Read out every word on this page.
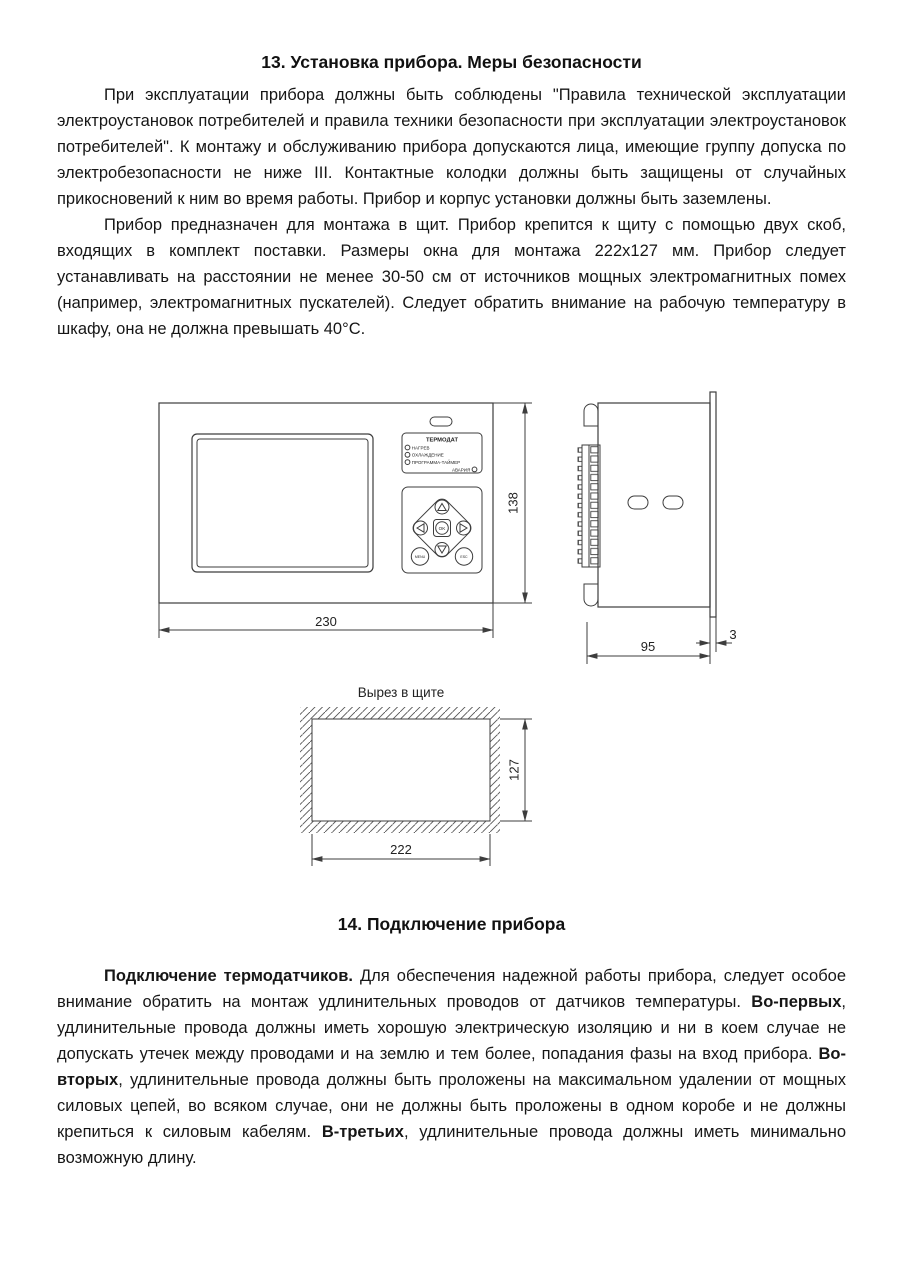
13. Установка прибора. Меры безопасности

При эксплуатации прибора должны быть соблюдены "Правила технической эксплуатации электроустановок потребителей и правила техники безопасности при эксплуатации электроустановок потребителей". К монтажу и обслуживанию прибора допускаются лица, имеющие группу допуска по электробезопасности не ниже III. Контактные колодки должны быть защищены от случайных прикосновений к ним во время работы. Прибор и корпус установки должны быть заземлены.

Прибор предназначен для монтажа в щит. Прибор крепится к щиту с помощью двух скоб, входящих в комплект поставки. Размеры окна для монтажа 222х127 мм. Прибор следует устанавливать на расстоянии не менее 30-50 см от источников мощных электромагнитных помех (например, электромагнитных пускателей). Следует обратить внимание на рабочую температуру в шкафу, она не должна превышать 40°С.

ТЕРМОДАТ
НАГРЕВ
ОХЛАЖДЕНИЕ
ПРОГРАММА-ТАЙМЕР
АВАРИЯ
OK
MENU	ESC
138
230
95
3
Вырез в щите
127
222
14. Подключение прибора

Подключение термодатчиков. Для обеспечения надежной работы прибора, следует особое внимание обратить на монтаж удлинительных проводов от датчиков температуры. Во-первых, удлинительные провода должны иметь хорошую электрическую изоляцию и ни в коем случае не допускать утечек между проводами и на землю и тем более, попадания фазы на вход прибора. Во-вторых, удлинительные провода должны быть проложены на максимальном удалении от мощных силовых цепей, во всяком случае, они не должны быть проложены в одном коробе и не должны крепиться к силовым кабелям. В-третьих, удлинительные провода должны иметь минимально возможную длину.
